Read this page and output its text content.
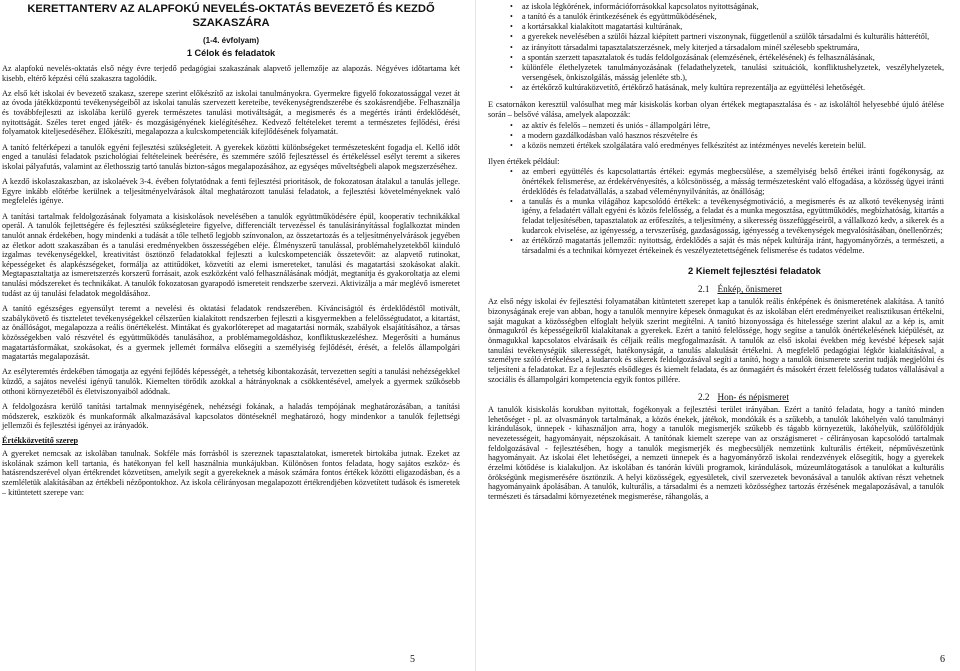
KERETTANTERV AZ ALAPFOKÚ NEVELÉS-OKTATÁS BEVEZETŐ ÉS KEZDŐ SZAKASZÁRA
(1-4. évfolyam)
1 Célok és feladatok

Az alapfokú nevelés-oktatás első négy évre terjedő pedagógiai szakaszának alapvető jellemzője az alapozás. Négyéves időtartama két kisebb, eltérő képzési célú szakaszra tagolódik.

Az első két iskolai év bevezető szakasz, szerepe szerint előkészítő az iskolai tanulmányokra. Gyermekre figyelő fokozatossággal vezet át az óvoda játékközpontú tevékenységeiből az iskolai tanulás szervezett kereteibe, tevékenységrendszerébe és szokásrendjébe. Felhasználja és továbbfejleszti az iskolába kerülő gyerek természetes tanulási motiváltságát, a megismerés és a megértés iránti érdeklődését, nyitottságát. Széles teret enged játék- és mozgásigényének kielégítéséhez. Kedvező feltételeket teremt a természetes fejlődési, érési folyamatok kiteljesedéséhez. Előkészíti, megalapozza a kulcskompetenciák kifejlődésének folyamatát.

A tanító feltérképezi a tanulók egyéni fejlesztési szükségleteit. A gyerekek közötti különbségeket természetesként fogadja el. Kellő időt enged a tanulási feladatok pszichológiai feltételeinek beérésére, és szemmére szólő fejlesztéssel és értékeléssel esélyt teremt a sikeres iskolai pályafutás, valamint az élethosszig tartó tanulás bizton-ságos megalapozásához, az egyséqes műveltségbeli alapok megszerzéséhez.

A kezdő iskolaszakaszban, az iskolaévek 3-4. évében folytatódnak a fenti fejlesztési prioritások, de fokozatosan átalakul a tanulás jellege. Egyre inkább előtérbe kerülnek a teljesítményelvárások által meghatározott tanulási feladatok, a fejlesztési követelményeknek való megfelelés igénye.

A tanítási tartalmak feldolgozásának folyamata a kisiskolások nevelésében a tanulók együttműködésére épül, kooperatív technikákkal operál. A tanulók fejlettségére és fejlesztési szükségleteire figyelve, differenciált tervezéssel és tanulásirányítással foglalkoztat minden tanulót annak érdekében, hogy mindenki a tudását a tőle telhető legjobb színvonalon, az összetartozás és a teljesítményelvárások jegyében az életkor adott szakaszában és a tanulási eredményekben összességében eléje. Élményszerű tanulással, problémahelyzetekből kiinduló izgalmas tevékenységekkel, kreativitást ösztönző feladatokkal fejleszti a kulcskompetenciák összetevőit: az alapvető rutinokat, képességeket és alapkészségeket, formálja az attitűdöket, közvetíti az elemi ismereteket, tanulási és magatartási szokásokat alakít. Megtapasztaltatja az ismeretszerzés korszerű forrásait, azok eszközként való felhasználásának módját, megtanítja és gyakoroltatja az elemi tanulási módszereket és technikákat. A tanulók fokozatosan gyarapodó ismereteit rendszerbe szervezi. Aktivizálja a már meglévő ismeretet tudást az új tanulási feladatok megoldásához.

A tanító egészséges egyensúlyt teremt a nevelési és oktatási feladatok rendszerében. Kívánciságtól és érdeklődéstől motivált, szabálykövető és tiszteletet tevékenységekkel célszerűen kialakított rendszerben fejleszti a kisgyermekben a felelősségtudatot, a kitartást, az önállóságot, megalapozza a reális önértékelést. Mintákat és gyakorlóterepet ad magatartási normák, szabályok elsajátításához, a társas közösségekben való részvétel és együttműködés tanulásához, a problémamegoldáshoz, konfliktuskezeléshez. Megerősíti a humánus magatartásformákat, szokásokat, és a gyermek jellemét formálva elősegíti a személyiség fejlődését, érését, a felelős állampolgári magatartás megalapozását.

Az esélyteremtés érdekében támogatja az egyéni fejlődés képességét, a tehetség kibontakozását, tervezetten segíti a tanulási nehézségekkel küzdő, a sajátos nevelési igényű tanulók. Kiemelten törődik azokkal a hátrányoknak a csökkentésével, amelyek a gyermek szűkösebb otthoni környezetéből és életviszonyaiból adódnak.

A feldolgozásra kerülő tanítási tartalmak mennyiségének, nehézségi fokának, a haladás tempójának meghatározásában, a tanítási módszerek, eszközök és munkaformák alkalmazásával kapcsolatos döntéseknél meghatározó, hogy mindenkor a tanulók fejlettségi jellemzői és fejlesztési igényei az irányadók.

Értékközvetítő szerep

A gyereket nemcsak az iskolában tanulnak. Sokféle más forrásból is szereznek tapasztalatokat, ismeretek birtokába jutnak. Ezeket az iskolának számon kell tartania, és hatékonyan fel kell használnia munkájukban. Különösen fontos feladata, hogy sajátos eszköz- és hatásrendszerével olyan értékrendet közvetítsen, amelyik segít a gyerekeknek a mások számára fontos értékek közötti eligazodásban, és a szemléletük alakításában az értékbeli nézőpontokhoz. Az iskola célirányosan megalapozott értékrendjében közvetített tudások és ismeretek – kitüntetett szerepe van:

5
• az iskola légkörének, információforrásokkal kapcsolatos nyitottságának,
• a tanító és a tanulók érintkezésének és együttműködésének,
• a kortársakkal kialakított magatartási kultúrának,
• a gyerekek nevelésében a szülői házzal kiépített partneri viszonynak, függetlenül a szülők társadalmi és kulturális hátterétől,
• az irányított társadalmi tapasztalatszerzésnek, mely kiterjed a társadalom minél szélesebb spektrumára,
• a spontán szerzett tapasztalatok és tudás feldolgozásának (elemzésének, értékelésének) és felhasználásának,
• különféle élethelyzetek tanulmányozásának (feladathelyzetek, tanulási szituációk, konfliktushelyzetek, veszélyhelyzetek, versengések, önkiszolgálás, másság jelenléte stb.),
• az értékőrző kultúraközvetítő, értékőrző hatásának, mely kultúra reprezentálja az együttélési lehetőségét.

E csatornákon keresztül valósulhat meg már kisiskolás korban olyan értékek megtapasztalása és - az iskoláltól helyesebbé újuló átélése során – belsővé válása, amelyek alapozzák:

• az aktív és felelős – nemzeti és uniós - állampolgári létre,
• a modern gazdálkodásban való hasznos részvételre és
• a közös nemzeti értékek szolgálatára való eredményes felkészítést az intézményes nevelés keretein belül.

Ilyen értékek például:

• az emberi együttélés és kapcsolattartás értékei: egymás megbecsülése, a személyiség belső értékei iránti fogékonyság, az önértékek felismerése, az érdekérvényesítés, a kölcsönösség, a másság természetesként való elfogadása, a közösség ügyei iránti érdeklődés és feladatvállalás, a szabad véleménynyilvánítás, az önállóság;
• a tanulás és a munka világához kapcsolódó értékek: a tevékenységmotiváció, a megismerés és az alkotó tevékenység iránti igény, a feladatért vállalt egyéni és közös felelősség, a feladat és a munka megosztása, együttműködés, megbízhatóság, kitartás a feladat teljesítésében, tapasztalatok az erőfeszítés, a teljesítmény, a sikeresség összefüggéseiről, a vállalkozó kedv, a sikerek és a kudarcok elviselése, az igényesség, a tervszerűség, gazdaságosság, igényesség a tevékenységek megvalósításában, önellenőrzés;
• az értékőrző magatartás jellemzői: nyitottság, érdeklődés a saját és más népek kultúrája iránt, hagyományőrzés, a természeti, a társadalmi és a technikai környezet értékeinek és veszélyeztetettségének felismerése és tudatos védelme.
2 Kiemelt fejlesztési feladatok
2.1 Énkép, önismeret

Az első négy iskolai év fejlesztési folyamatában kitüntetett szerepet kap a tanulók reális énképének és önismeretének alakítása. A tanító bizonyságának ereje van abban, hogy a tanulók mennyire képesek önmagukat és az iskolában elért eredményeiket realisztikusan értékelni, saját magukat a közösségben elfoglalt helyük szerint megítélni. A tanító bizonyossága és hitelessége szerint alakul az a kép is, amit önmagukról és képességeikről kialakítanak a gyerekek. Ezért a tanító felelőssége, hogy segítse a tanulók önértékelésének kiépülését, az önmagukkal kapcsolatos elvárásaik és céljaik reális megfogalmazását. A tanulók az első iskolai években még kevésbé képesek saját tanulási tevékenységük sikerességét, hatékonyságát, a tanulás alakulását értékelni. A megfelelő pedagógiai légkör kialakításával, a személyre szóló értékeléssel, a kudarcok és sikerek feldolgozásával segíti a tanító, hogy a tanulók önismerete szerint tudják megjelölni és teljesíteni a feladatokat. Ez a fejlesztés elsődleges és kiemelt feladata, és az önmagáért és másokért érzett felelősség tudatos vállalásával a szociális és állampolgári kompetencia egyik fontos pillére.

2.2 Hon- és népismeret

A tanulók kisiskolás korukban nyitottak, fogékonyak a fejlesztési terület irányában. Ezért a tanító feladata, hogy a tanító minden lehetőséget - pl. az olvasmányok tartalmának, a közös énekek, játékok, mondókák és a szűkebb, a tanulók lakóhelyén való tanulmányi kirándulások, ünnepek - kihasználjon arra, hogy a tanulók megismerjék szűkebb és tágabb környezetük, lakóhelyük, szülőföldjük nevezetességeit, hagyományait, népszokásait. A tanítónak kiemelt szerepe van az országismeret - célirányosan kapcsolódó tartalmak feldolgozásával - fejlesztésében, hogy a tanulók megismerjék és megbecsüljék nemzetünk kulturális értékeit, népművészetünk hagyományait. Az iskolai élet lehetőségei, a nemzeti ünnepek és a hagyományőrző iskolai rendezvények elősegítik, hogy a gyerekek érzelmi kötődése is kialakuljon. Az iskolában és tanórán kívüli programok, kirándulások, múzeumlátogatások a tanulókat a kulturális örökségünk megismerésére ösztönzik. A helyi közösségek, egyesületek, civil szervezetek bevonásával a tanulók aktívan részt vehetnek hagyományaink ápolásában. A tanulók, kulturális, a társadalmi és a nemzeti közösséghez tartozás érzésének megalapozásával, a tanulók természeti és társadalmi környezetének megismerése, ráhangolás, a

6
